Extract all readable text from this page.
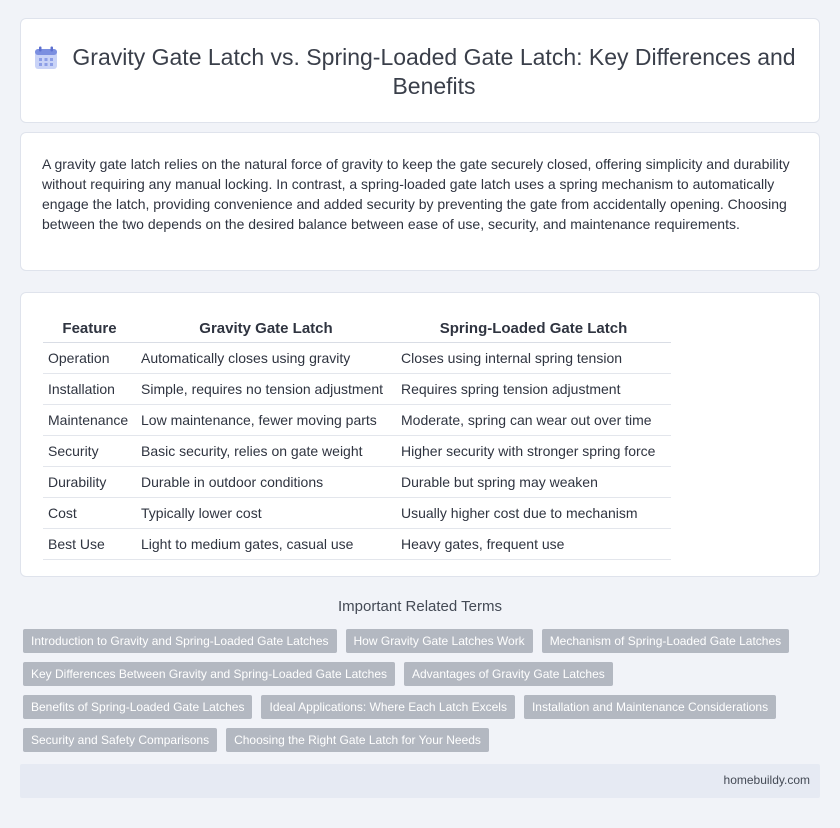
Gravity Gate Latch vs. Spring-Loaded Gate Latch: Key Differences and Benefits

A gravity gate latch relies on the natural force of gravity to keep the gate securely closed, offering simplicity and durability without requiring any manual locking. In contrast, a spring-loaded gate latch uses a spring mechanism to automatically engage the latch, providing convenience and added security by preventing the gate from accidentally opening. Choosing between the two depends on the desired balance between ease of use, security, and maintenance requirements.

Feature	Gravity Gate Latch	Spring-Loaded Gate Latch
Operation	Automatically closes using gravity	Closes using internal spring tension
Installation	Simple, requires no tension adjustment	Requires spring tension adjustment
Maintenance	Low maintenance, fewer moving parts	Moderate, spring can wear out over time
Security	Basic security, relies on gate weight	Higher security with stronger spring force
Durability	Durable in outdoor conditions	Durable but spring may weaken
Cost	Typically lower cost	Usually higher cost due to mechanism
Best Use	Light to medium gates, casual use	Heavy gates, frequent use
Important Related Terms
Introduction to Gravity and Spring-Loaded Gate Latches	How Gravity Gate Latches Work	Mechanism of Spring-Loaded Gate Latches
Key Differences Between Gravity and Spring-Loaded Gate Latches	Advantages of Gravity Gate Latches
Benefits of Spring-Loaded Gate Latches	Ideal Applications: Where Each Latch Excels	Installation and Maintenance Considerations
Security and Safety Comparisons	Choosing the Right Gate Latch for Your Needs
homebuildy.com
